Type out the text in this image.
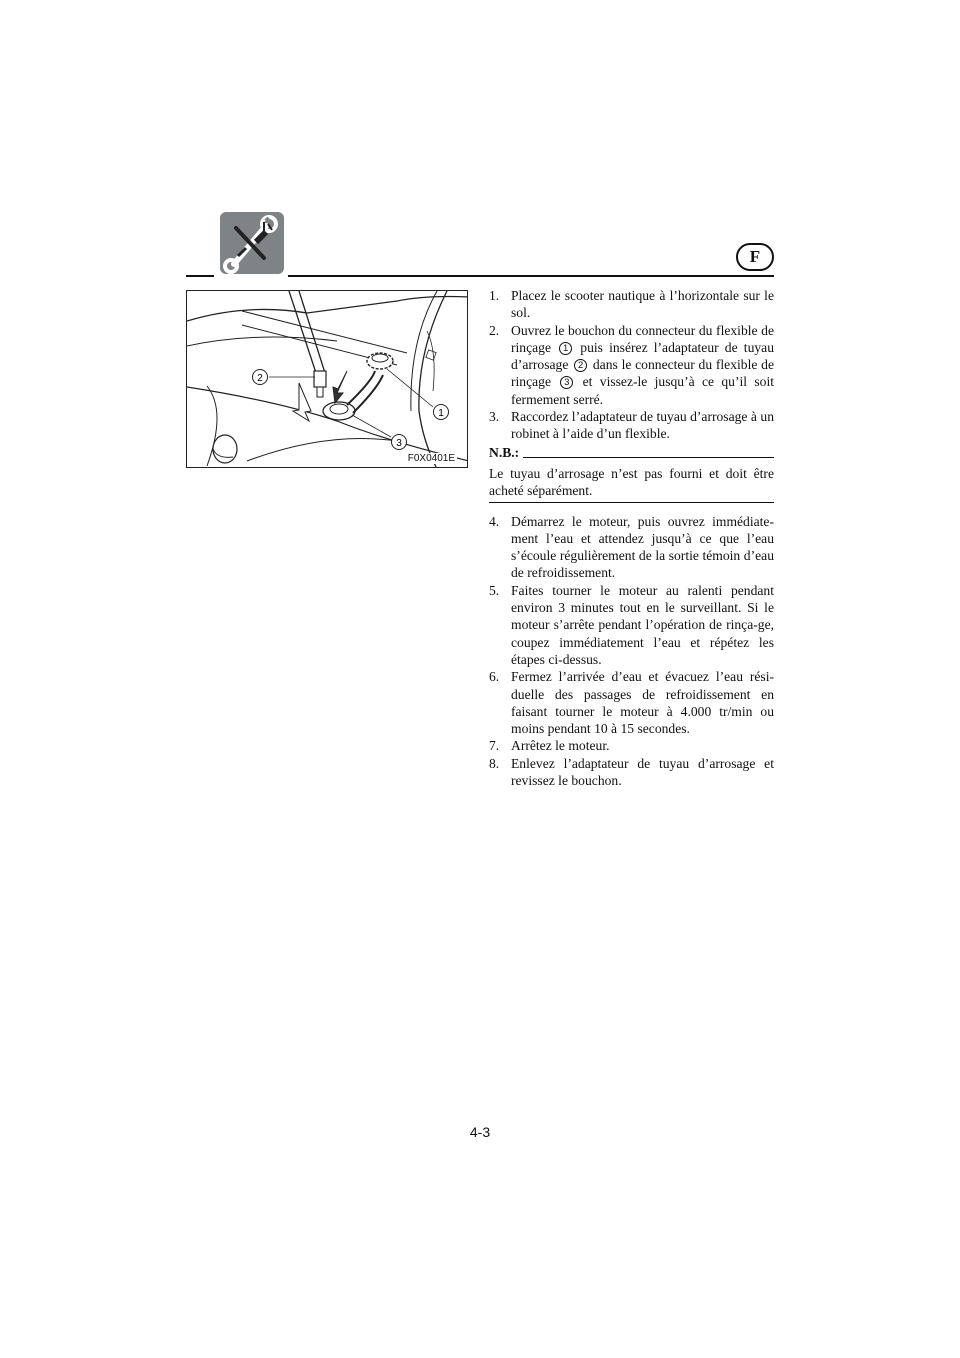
F
2
1
3
F0X0401E
1. Placez le scooter nautique à l’horizontale sur le sol.
2. Ouvrez le bouchon du connecteur du flexible de rinçage 1 puis insérez l’adaptateur de tuyau d’arrosage 2 dans le connecteur du flexible de rinçage 3 et vissez-le jusqu’à ce qu’il soit fermement serré.
3. Raccordez l’adaptateur de tuyau d’arrosage à un robinet à l’aide d’un flexible.
N.B.:
Le tuyau d’arrosage n’est pas fourni et doit être acheté séparément.
4. Démarrez le moteur, puis ouvrez immédiate-ment l’eau et attendez jusqu’à ce que l’eau s’écoule régulièrement de la sortie témoin d’eau de refroidissement.
5. Faites tourner le moteur au ralenti pendant environ 3 minutes tout en le surveillant. Si le moteur s’arrête pendant l’opération de rinça-ge, coupez immédiatement l’eau et répétez les étapes ci-dessus.
6. Fermez l’arrivée d’eau et évacuez l’eau rési-duelle des passages de refroidissement en faisant tourner le moteur à 4.000 tr/min ou moins pendant 10 à 15 secondes.
7. Arrêtez le moteur.
8. Enlevez l’adaptateur de tuyau d’arrosage et revissez le bouchon.
4-3
